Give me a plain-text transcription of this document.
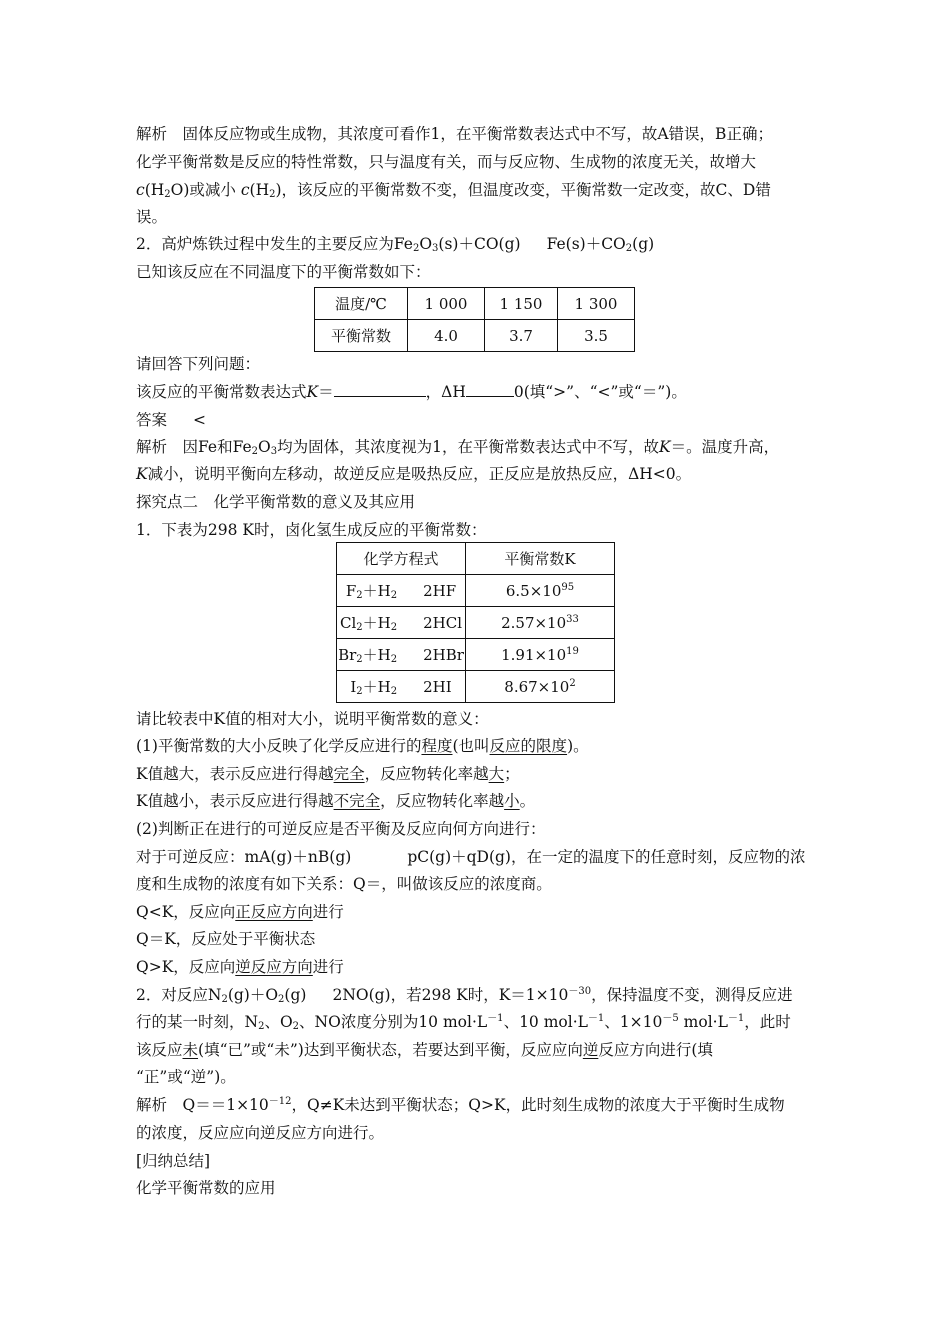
解析　固体反应物或生成物，其浓度可看作1，在平衡常数表达式中不写，故A错误，B正确；
化学平衡常数是反应的特性常数，只与温度有关，而与反应物、生成物的浓度无关，故增大
$c(H_2O)$或减小 $c(H_2)$，该反应的平衡常数不变，但温度改变，平衡常数一定改变，故C、D错
误。
2．高炉炼铁过程中发生的主要反应为$Fe_2O_3(s)+CO(g)$ $Fe(s)+CO_2(g)$
已知该反应在不同温度下的平衡常数如下：
温度/℃	1 000	1 150	1 300
平衡常数	4.0	3.7	3.5
请回答下列问题：
该反应的平衡常数表达式K＝	，ΔH	0(填“>”、“<”或“＝”)。
答案 <
解析　因Fe和$Fe_2O_3$均为固体，其浓度视为1，在平衡常数表达式中不写，故K＝。温度升高，
K减小，说明平衡向左移动，故逆反应是吸热反应，正反应是放热反应，ΔH<0。
探究点二　化学平衡常数的意义及其应用
1．下表为298 K时，卤化氢生成反应的平衡常数：
化学方程式	平衡常数K
$F_2+H_2$ 2HF	$6.5\times 10^{95}$
$Cl_2+H_2$ 2HCl	$2.57\times 10^{33}$
$Br_2+H_2$ 2HBr	$1.91\times 10^{19}$
$I_2+H_2$ 2HI	$8.67\times 10^2$
请比较表中K值的相对大小，说明平衡常数的意义：
(1)平衡常数的大小反映了化学反应进行的程度(也叫反应的限度)。
K值越大，表示反应进行得越完全，反应物转化率越大；
K值越小，表示反应进行得越不完全，反应物转化率越小。
(2)判断正在进行的可逆反应是否平衡及反应向何方向进行：
对于可逆反应：mA(g)＋nB(g)	pC(g)＋qD(g)，在一定的温度下的任意时刻，反应物的浓
度和生成物的浓度有如下关系：Q＝，叫做该反应的浓度商。
Q<K，反应向正反应方向进行
Q＝K，反应处于平衡状态
Q>K，反应向逆反应方向进行
2．对反应$N_2(g)+O_2(g)$ 2NO(g)，若298 K时，$K=1\times 10^{-30}$，保持温度不变，测得反应进
行的某一时刻，$N_2$、$O_2$、NO浓度分别为10 $mol\cdot L^{-1}$、10 $mol\cdot L^{-1}$、$1\times 10^{-5}$ $mol\cdot L^{-1}$，此时
该反应未(填“已”或“未”)达到平衡状态，若要达到平衡，反应应向逆反应方向进行(填
“正”或“逆”)。
解析　$Q==1\times 10^{-12}$，Q≠K未达到平衡状态；Q>K，此时刻生成物的浓度大于平衡时生成物
的浓度，反应应向逆反应方向进行。
[归纳总结]
化学平衡常数的应用
